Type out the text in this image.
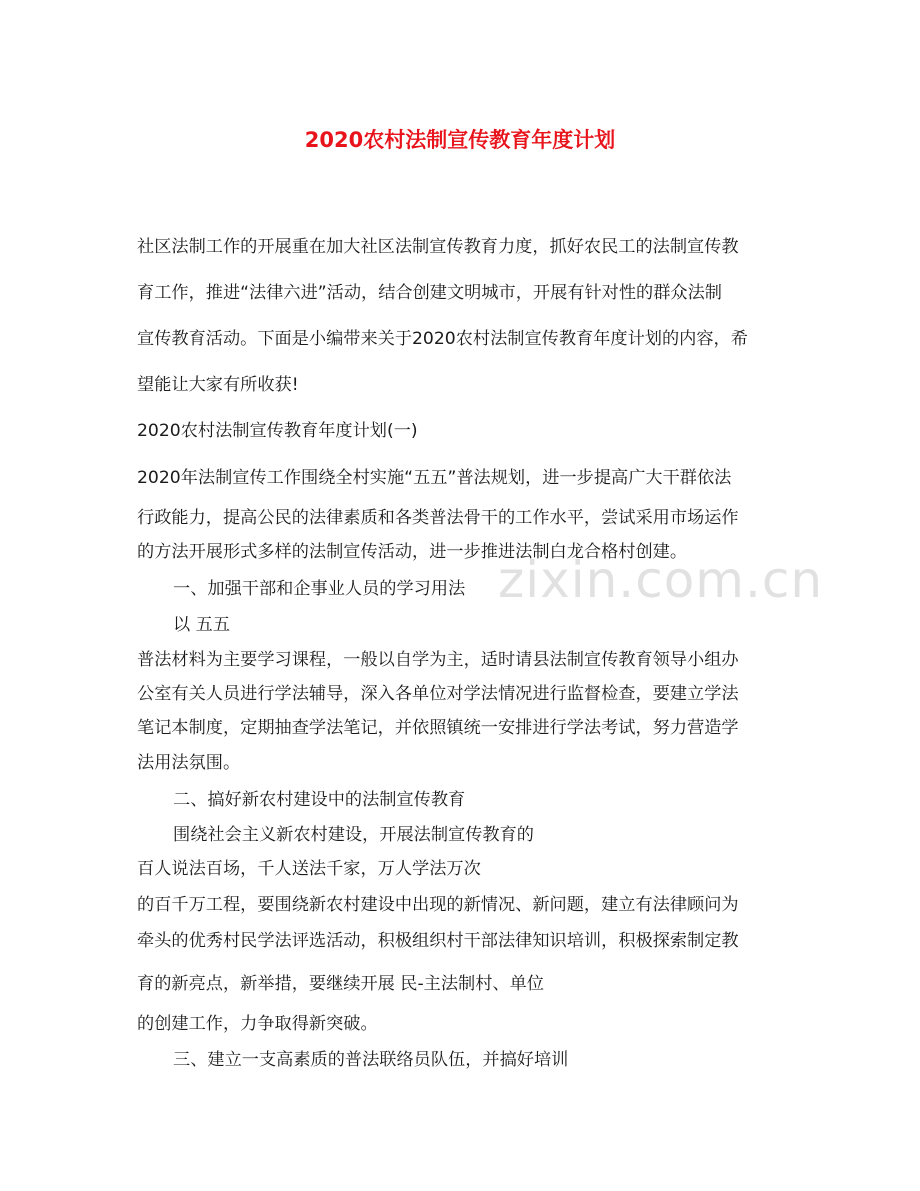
2020农村法制宣传教育年度计划
zixin.com.cn
社区法制工作的开展重在加大社区法制宣传教育力度，抓好农民工的法制宣传教
育工作，推进“法律六进”活动，结合创建文明城市，开展有针对性的群众法制
宣传教育活动。下面是小编带来关于2020农村法制宣传教育年度计划的内容，希
望能让大家有所收获!
2020农村法制宣传教育年度计划(一)
2020年法制宣传工作围绕全村实施“五五”普法规划，进一步提高广大干群依法
行政能力，提高公民的法律素质和各类普法骨干的工作水平，尝试采用市场运作
的方法开展形式多样的法制宣传活动，进一步推进法制白龙合格村创建。
一、加强干部和企事业人员的学习用法
以 五五
普法材料为主要学习课程，一般以自学为主，适时请县法制宣传教育领导小组办
公室有关人员进行学法辅导，深入各单位对学法情况进行监督检查，要建立学法
笔记本制度，定期抽查学法笔记，并依照镇统一安排进行学法考试，努力营造学
法用法氛围。
二、搞好新农村建设中的法制宣传教育
围绕社会主义新农村建设，开展法制宣传教育的
百人说法百场，千人送法千家，万人学法万次
的百千万工程，要围绕新农村建设中出现的新情况、新问题，建立有法律顾问为
牵头的优秀村民学法评选活动，积极组织村干部法律知识培训，积极探索制定教
育的新亮点，新举措，要继续开展 民-主法制村、单位
的创建工作，力争取得新突破。
三、建立一支高素质的普法联络员队伍，并搞好培训
